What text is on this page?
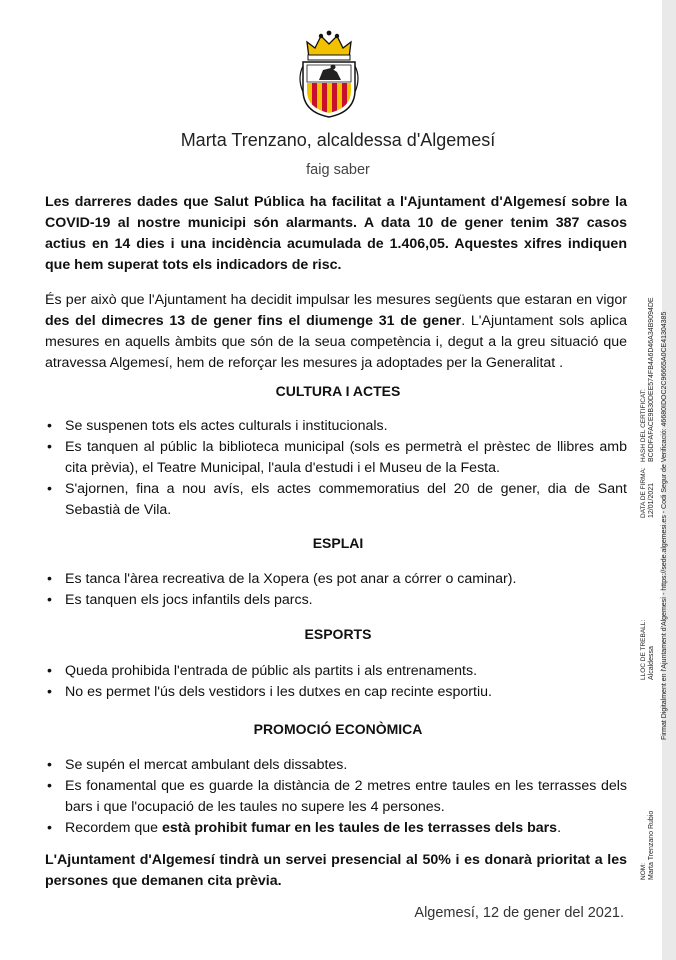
Marta Trenzano, alcaldessa d'Algemesí
faig saber
Les darreres dades que Salut Pública ha facilitat a l'Ajuntament d'Algemesí sobre la COVID-19 al nostre municipi són alarmants. A data 10 de gener tenim 387 casos actius en 14 dies i una incidència acumulada de 1.406,05. Aquestes xifres indiquen que hem superat tots els indicadors de risc.
És per això que l'Ajuntament ha decidit impulsar les mesures següents que estaran en vigor des del dimecres 13 de gener fins el diumenge 31 de gener. L'Ajuntament sols aplica mesures en aquells àmbits que són de la seua competència i, degut a la greu situació que atravessa Algemesí, hem de reforçar les mesures ja adoptades per la Generalitat .
CULTURA I ACTES
• Se suspenen tots els actes culturals i institucionals.
• Es tanquen al públic la biblioteca municipal (sols es permetrà el prèstec de llibres amb cita prèvia), el Teatre Municipal, l'aula d'estudi i el Museu de la Festa.
• S'ajornen, fina a nou avís, els actes commemoratius del 20 de gener, dia de Sant Sebastià de Vila.
ESPLAI
• Es tanca l'àrea recreativa de la Xopera (es pot anar a córrer o caminar).
• Es tanquen els jocs infantils dels parcs.
ESPORTS
• Queda prohibida l'entrada de públic als partits i als entrenaments.
• No es permet l'ús dels vestidors i les dutxes en cap recinte esportiu.
PROMOCIÓ ECONÒMICA
• Se supén el mercat ambulant dels dissabtes.
• Es fonamental que es guarde la distància de 2 metres entre taules en les terrasses dels bars i que l'ocupació de les taules no supere les 4 persones.
• Recordem que està prohibit fumar en les taules de les terrasses dels bars.
L'Ajuntament d'Algemesí tindrà un servei presencial al 50% i es donarà prioritat a les persones que demanen cita prèvia.
Algemesí, 12 de gener del 2021.
Firmat Digitalment en l'Ajuntament d'Algemesí - https://sede.algemesi.es - Codi Segur de Verificació: 46680IDOC2C96665A0CE41304385
NOM: Marta Trenzano Rubio
LLOC DE TREBALL: Alcaldessa
DATA DE FIRMA: 12/01/2021
HASH DEL CERTIFICAT: BC6DFAFACE9B30DEE574FB4A6D46A34B9094DE
